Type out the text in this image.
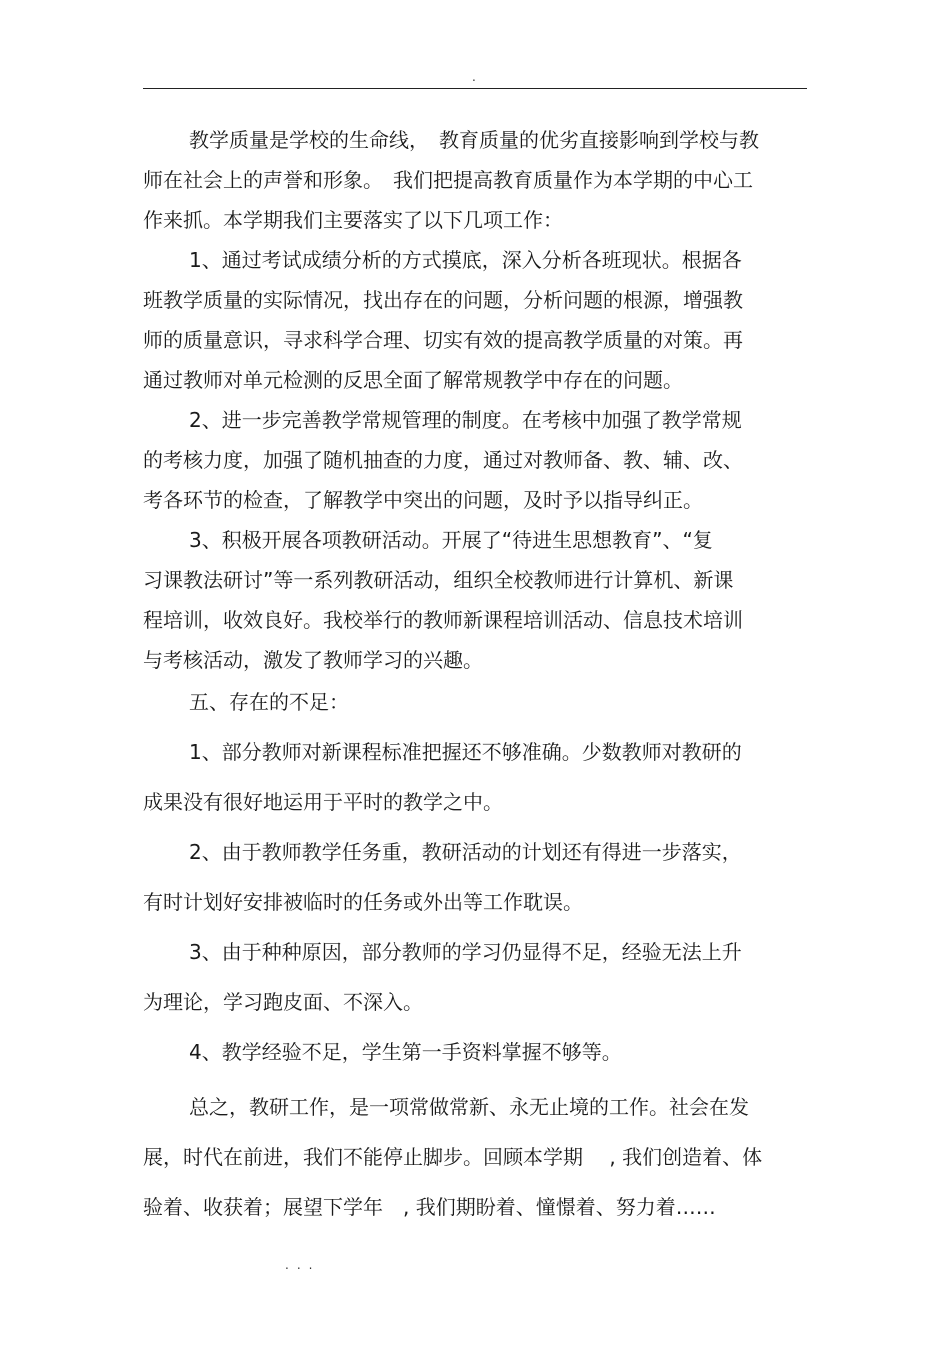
.

教学质量是学校的生命线，　教育质量的优劣直接影响到学校与教
师在社会上的声誉和形象。　我们把提高教育质量作为本学期的中心工
作来抓。本学期我们主要落实了以下几项工作：

1、通过考试成绩分析的方式摸底，深入分析各班现状。根据各
班教学质量的实际情况，找出存在的问题，分析问题的根源，增强教
师的质量意识，寻求科学合理、切实有效的提高教学质量的对策。再
通过教师对单元检测的反思全面了解常规教学中存在的问题。

2、进一步完善教学常规管理的制度。在考核中加强了教学常规
的考核力度，加强了随机抽查的力度，通过对教师备、教、辅、改、
考各环节的检查，了解教学中突出的问题，及时予以指导纠正。

3、积极开展各项教研活动。开展了“待进生思想教育”、“复
习课教法研讨”等一系列教研活动，组织全校教师进行计算机、新课
程培训，收效良好。我校举行的教师新课程培训活动、信息技术培训
与考核活动，激发了教师学习的兴趣。

五、存在的不足：

1、部分教师对新课程标准把握还不够准确。少数教师对教研的

成果没有很好地运用于平时的教学之中。

2、由于教师教学任务重，教研活动的计划还有得进一步落实，

有时计划好安排被临时的任务或外出等工作耽误。

3、由于种种原因，部分教师的学习仍显得不足，经验无法上升

为理论，学习跑皮面、不深入。

4、教学经验不足，学生第一手资料掌握不够等。

总之，教研工作，是一项常做常新、永无止境的工作。社会在发
展，时代在前进，我们不能停止脚步。回顾本学期　 , 我们创造着、体
验着、收获着；展望下学年　, 我们期盼着、憧憬着、努力着……

...
